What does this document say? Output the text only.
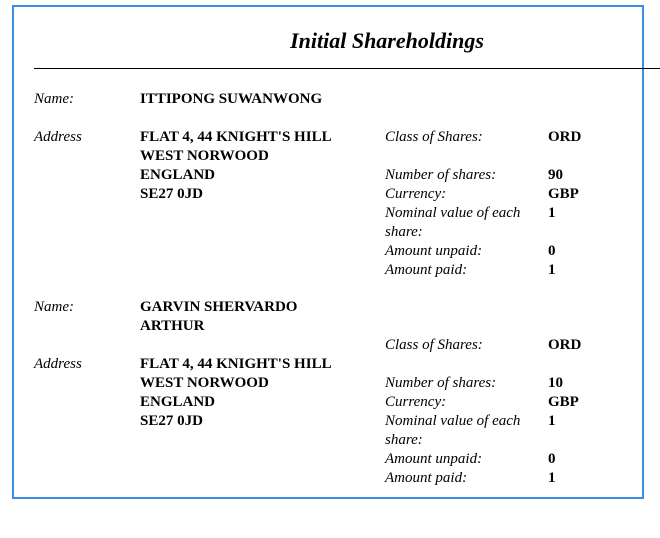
Initial Shareholdings
Name:	ITTIPONG SUWANWONG
Address	FLAT 4, 44 KNIGHT'S HILL
WEST NORWOOD
ENGLAND
SE27 0JD
Class of Shares:	ORD
Number of shares:	90
Currency:	GBP
Nominal value of each
share:
1
Amount unpaid:	0
Amount paid:	1
Name:	GARVIN SHERVARDO
ARTHUR
Class of Shares:	ORD
Address	FLAT 4, 44 KNIGHT'S HILL
WEST NORWOOD
ENGLAND
SE27 0JD
Number of shares:	10
Currency:	GBP
Nominal value of each
share:
1
Amount unpaid:	0
Amount paid:	1
